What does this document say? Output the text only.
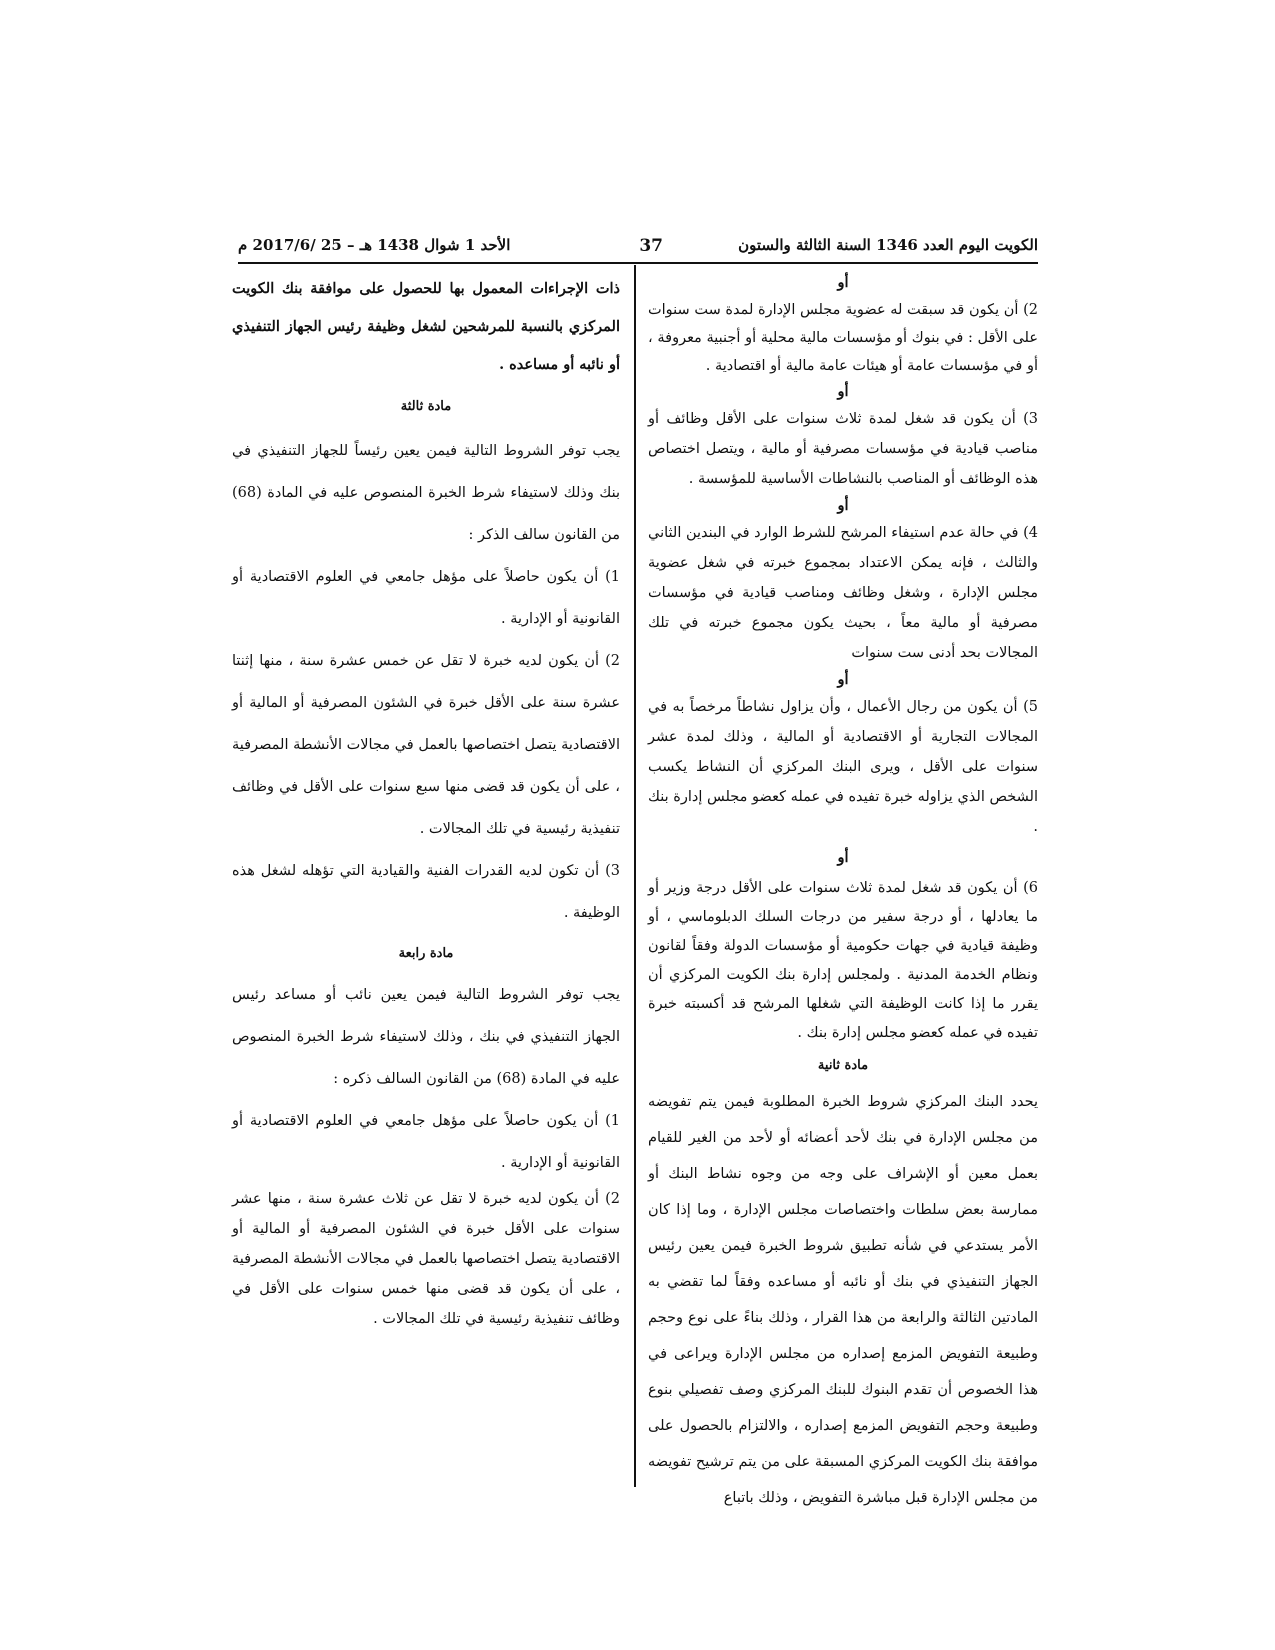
الكويت اليوم العدد 1346 السنة الثالثة والستون
37
الأحد 1 شوال 1438 هـ – 25 /2017/6 م

أو

2) أن يكون قد سبقت له عضوية مجلس الإدارة لمدة ست سنوات على الأقل : في بنوك أو مؤسسات مالية محلية أو أجنبية معروفة ، أو في مؤسسات عامة أو هيئات عامة مالية أو اقتصادية .

أو

3) أن يكون قد شغل لمدة ثلاث سنوات على الأقل وظائف أو مناصب قيادية في مؤسسات مصرفية أو مالية ، ويتصل اختصاص هذه الوظائف أو المناصب بالنشاطات الأساسية للمؤسسة .

أو

4) في حالة عدم استيفاء المرشح للشرط الوارد في البندين الثاني والثالث ، فإنه يمكن الاعتداد بمجموع خبرته في شغل عضوية مجلس الإدارة ، وشغل وظائف ومناصب قيادية في مؤسسات مصرفية أو مالية معاً ، بحيث يكون مجموع خبرته في تلك المجالات بحد أدنى ست سنوات

أو

5) أن يكون من رجال الأعمال ، وأن يزاول نشاطاً مرخصاً به في المجالات التجارية أو الاقتصادية أو المالية ، وذلك لمدة عشر سنوات على الأقل ، ويرى البنك المركزي أن النشاط يكسب الشخص الذي يزاوله خبرة تفيده في عمله كعضو مجلس إدارة بنك .

أو

6) أن يكون قد شغل لمدة ثلاث سنوات على الأقل درجة وزير أو ما يعادلها ، أو درجة سفير من درجات السلك الدبلوماسي ، أو وظيفة قيادية في جهات حكومية أو مؤسسات الدولة وفقاً لقانون ونظام الخدمة المدنية . ولمجلس إدارة بنك الكويت المركزي أن يقرر ما إذا كانت الوظيفة التي شغلها المرشح قد أكسبته خبرة تفيده في عمله كعضو مجلس إدارة بنك .

مادة ثانية

يحدد البنك المركزي شروط الخبرة المطلوبة فيمن يتم تفويضه من مجلس الإدارة في بنك لأحد أعضائه أو لأحد من الغير للقيام بعمل معين أو الإشراف على وجه من وجوه نشاط البنك أو ممارسة بعض سلطات واختصاصات مجلس الإدارة ، وما إذا كان الأمر يستدعي في شأنه تطبيق شروط الخبرة فيمن يعين رئيس الجهاز التنفيذي في بنك أو نائبه أو مساعده وفقاً لما تقضي به المادتين الثالثة والرابعة من هذا القرار ، وذلك بناءً على نوع وحجم وطبيعة التفويض المزمع إصداره من مجلس الإدارة ويراعى في هذا الخصوص أن تقدم البنوك للبنك المركزي وصف تفصيلي بنوع وطبيعة وحجم التفويض المزمع إصداره ، والالتزام بالحصول على موافقة بنك الكويت المركزي المسبقة على من يتم ترشيح تفويضه من مجلس الإدارة قبل مباشرة التفويض ، وذلك باتباع

ذات الإجراءات المعمول بها للحصول على موافقة بنك الكويت المركزي بالنسبة للمرشحين لشغل وظيفة رئيس الجهاز التنفيذي أو نائبه أو مساعده .

مادة ثالثة

يجب توفر الشروط التالية فيمن يعين رئيساً للجهاز التنفيذي في بنك وذلك لاستيفاء شرط الخبرة المنصوص عليه في المادة (68) من القانون سالف الذكر :

1) أن يكون حاصلاً على مؤهل جامعي في العلوم الاقتصادية أو القانونية أو الإدارية .

2) أن يكون لديه خبرة لا تقل عن خمس عشرة سنة ، منها إثنتا عشرة سنة على الأقل خبرة في الشئون المصرفية أو المالية أو الاقتصادية يتصل اختصاصها بالعمل في مجالات الأنشطة المصرفية ، على أن يكون قد قضى منها سبع سنوات على الأقل في وظائف تنفيذية رئيسية في تلك المجالات .

3) أن تكون لديه القدرات الفنية والقيادية التي تؤهله لشغل هذه الوظيفة .

مادة رابعة

يجب توفر الشروط التالية فيمن يعين نائب أو مساعد رئيس الجهاز التنفيذي في بنك ، وذلك لاستيفاء شرط الخبرة المنصوص عليه في المادة (68) من القانون السالف ذكره :

1) أن يكون حاصلاً على مؤهل جامعي في العلوم الاقتصادية أو القانونية أو الإدارية .

2) أن يكون لديه خبرة لا تقل عن ثلاث عشرة سنة ، منها عشر سنوات على الأقل خبرة في الشئون المصرفية أو المالية أو الاقتصادية يتصل اختصاصها بالعمل في مجالات الأنشطة المصرفية ، على أن يكون قد قضى منها خمس سنوات على الأقل في وظائف تنفيذية رئيسية في تلك المجالات .
